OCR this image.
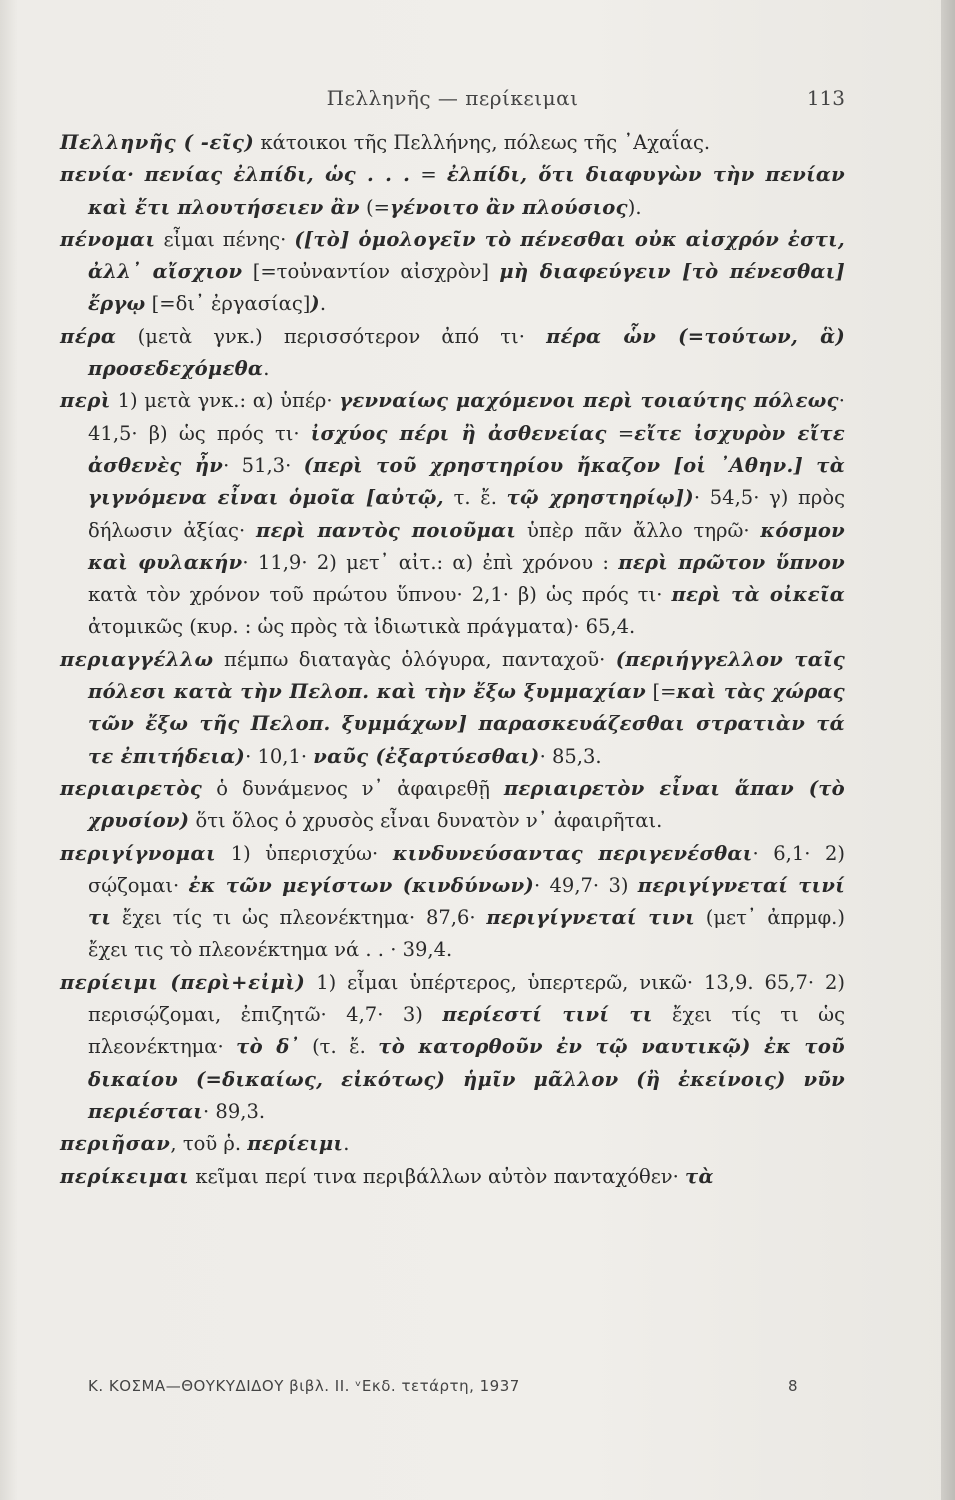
Πελληνῆς — περίκειμαι	113

Πελληνῆς ( -εῖς) κάτοικοι τῆς Πελλήνης, πόλεως τῆς ᾿Αχαΐας.

πενία· πενίας ἐλπίδι, ὡς . . . = ἐλπίδι, ὅτι διαφυγὼν τὴν πενίαν καὶ ἔτι πλουτήσειεν ἂν (=γένοιτο ἂν πλούσιος).

πένομαι εἶμαι πένης· ([τὸ] ὁμολογεῖν τὸ πένεσθαι οὐκ αἰσχρόν ἐστι, ἀλλ᾿ αἴσχιον [=τοὐναντίον αἰσχρὸν] μὴ διαφεύγειν [τὸ πένεσθαι] ἔργῳ [=δι᾿ ἐργασίας]).

πέρα (μετὰ γνκ.) περισσότερον ἀπό τι· πέρα ὧν (=τούτων, ἃ) προσεδεχόμεθα.

περὶ 1) μετὰ γνκ.: α) ὑπέρ· γενναίως μαχόμενοι περὶ τοιαύτης πόλεως· 41,5· β) ὡς πρός τι· ἰσχύος πέρι ἢ ἀσθενείας =εἴτε ἰσχυρὸν εἴτε ἀσθενὲς ἦν· 51,3· (περὶ τοῦ χρηστηρίου ἤκαζον [οἱ ᾿Αθην.] τὰ γιγνόμενα εἶναι ὁμοῖα [αὐτῷ, τ. ἔ. τῷ χρηστηρίῳ])· 54,5· γ) πρὸς δήλωσιν ἀξίας· περὶ παντὸς ποιοῦμαι ὑπὲρ πᾶν ἄλλο τηρῶ· κόσμον καὶ φυλακήν· 11,9· 2) μετ᾿ αἰτ.: α) ἐπὶ χρόνου : περὶ πρῶτον ὕπνον κατὰ τὸν χρόνον τοῦ πρώτου ὕπνου· 2,1· β) ὡς πρός τι· περὶ τὰ οἰκεῖα ἀτομικῶς (κυρ. : ὡς πρὸς τὰ ἰδιωτικὰ πράγματα)· 65,4.

περιαγγέλλω πέμπω διαταγὰς ὁλόγυρα, πανταχοῦ· (περιήγγελλον ταῖς πόλεσι κατὰ τὴν Πελοπ. καὶ τὴν ἔξω ξυμμαχίαν [=καὶ τὰς χώρας τῶν ἔξω τῆς Πελοπ. ξυμμάχων] παρασκευάζεσθαι στρατιὰν τά τε ἐπιτήδεια)· 10,1· ναῦς (ἐξαρτύεσθαι)· 85,3.

περιαιρετὸς ὁ δυνάμενος ν᾿ ἀφαιρεθῇ περιαιρετὸν εἶναι ἅπαν (τὸ χρυσίον) ὅτι ὅλος ὁ χρυσὸς εἶναι δυνατὸν ν᾿ ἀφαιρῆται.

περιγίγνομαι 1) ὑπερισχύω· κινδυνεύσαντας περιγενέσθαι· 6,1· 2) σῴζομαι· ἐκ τῶν μεγίστων (κινδύνων)· 49,7· 3) περιγίγνεταί τινί τι ἔχει τίς τι ὡς πλεονέκτημα· 87,6· περιγίγνεταί τινι (μετ᾿ ἀπρμφ.) ἔχει τις τὸ πλεονέκτημα νά . . · 39,4.

περίειμι (περὶ+εἰμὶ) 1) εἶμαι ὑπέρτερος, ὑπερτερῶ, νικῶ· 13,9. 65,7· 2) περισῴζομαι, ἐπιζητῶ· 4,7· 3) περίεστί τινί τι ἔχει τίς τι ὡς πλεονέκτημα· τὸ δ᾿ (τ. ἔ. τὸ κατορθοῦν ἐν τῷ ναυτικῷ) ἐκ τοῦ δικαίου (=δικαίως, εἰκότως) ἡμῖν μᾶλλον (ἢ ἐκείνοις) νῦν περιέσται· 89,3.

περιῆσαν, τοῦ ῥ. περίειμι.

περίκειμαι κεῖμαι περί τινα περιβάλλων αὐτὸν πανταχόθεν· τὰ

Κ. ΚΟΣΜΑ—ΘΟΥΚΥΔΙΔΟΥ βιβλ. ΙΙ. ᵛΕκδ. τετάρτη, 1937	8
